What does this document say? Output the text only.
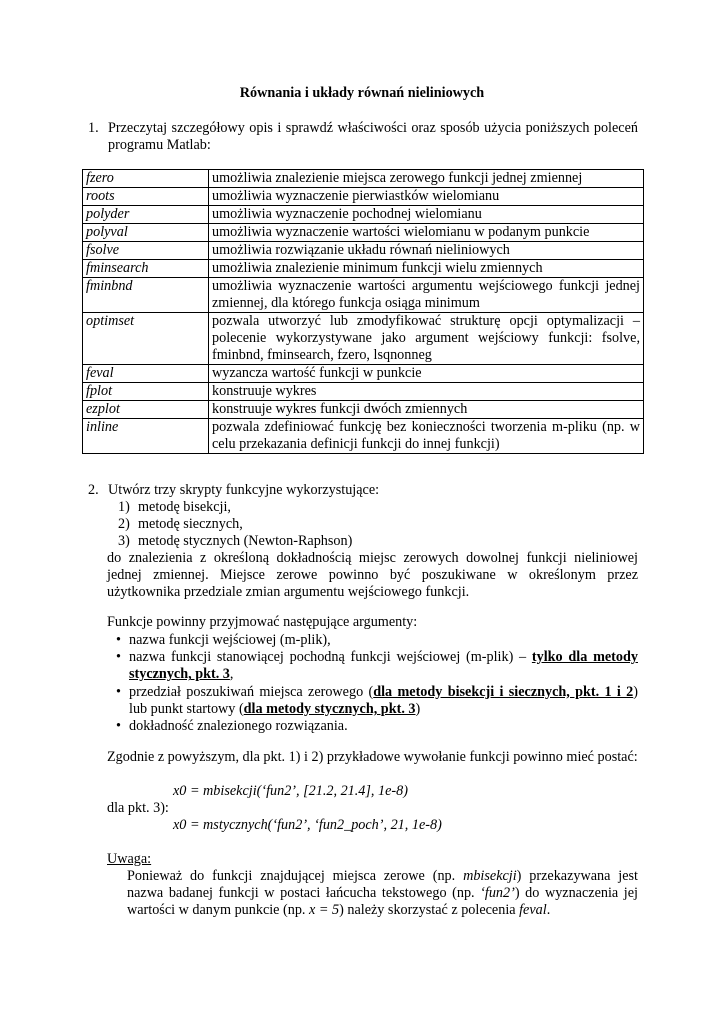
Równania i układy równań nieliniowych
1. Przeczytaj szczegółowy opis i sprawdź właściwości oraz sposób użycia poniższych poleceń programu Matlab:
fzero	umożliwia znalezienie miejsca zerowego funkcji jednej zmiennej
roots	umożliwia wyznaczenie pierwiastków wielomianu
polyder	umożliwia wyznaczenie pochodnej wielomianu
polyval	umożliwia wyznaczenie wartości wielomianu w podanym punkcie
fsolve	umożliwia rozwiązanie układu równań nieliniowych
fminsearch	umożliwia znalezienie minimum funkcji wielu zmiennych
fminbnd	umożliwia wyznaczenie wartości argumentu wejściowego funkcji jednej zmiennej, dla którego funkcja osiąga minimum
optimset	pozwala utworzyć lub zmodyfikować strukturę opcji optymalizacji – polecenie wykorzystywane jako argument wejściowy funkcji: fsolve, fminbnd, fminsearch, fzero, lsqnonneg
feval	wyzancza wartość funkcji w punkcie
fplot	konstruuje wykres
ezplot	konstruuje wykres funkcji dwóch zmiennych
inline	pozwala zdefiniować funkcję bez konieczności tworzenia m-pliku (np. w celu przekazania definicji funkcji do innej funkcji)
2. Utwórz trzy skrypty funkcyjne wykorzystujące:
1) metodę bisekcji,
2) metodę siecznych,
3) metodę stycznych (Newton-Raphson)
do znalezienia z określoną dokładnością miejsc zerowych dowolnej funkcji nieliniowej jednej zmiennej. Miejsce zerowe powinno być poszukiwane w określonym przez użytkownika przedziale zmian argumentu wejściowego funkcji.
Funkcje powinny przyjmować następujące argumenty:
• nazwa funkcji wejściowej (m-plik),
• nazwa funkcji stanowiącej pochodną funkcji wejściowej (m-plik) – tylko dla metody stycznych, pkt. 3,
• przedział poszukiwań miejsca zerowego (dla metody bisekcji i siecznych, pkt. 1 i 2) lub punkt startowy (dla metody stycznych, pkt. 3)
• dokładność znalezionego rozwiązania.
Zgodnie z powyższym, dla pkt. 1) i 2) przykładowe wywołanie funkcji powinno mieć postać:
x0 = mbisekcji(‘fun2’, [21.2, 21.4], 1e-8)
dla pkt. 3):
x0 = mstycznych(‘fun2’, ‘fun2_poch’, 21, 1e-8)
Uwaga:
Ponieważ do funkcji znajdującej miejsca zerowe (np. mbisekcji) przekazywana jest nazwa badanej funkcji w postaci łańcucha tekstowego (np. ‘fun2’) do wyznaczenia jej wartości w danym punkcie (np. x = 5) należy skorzystać z polecenia feval.
